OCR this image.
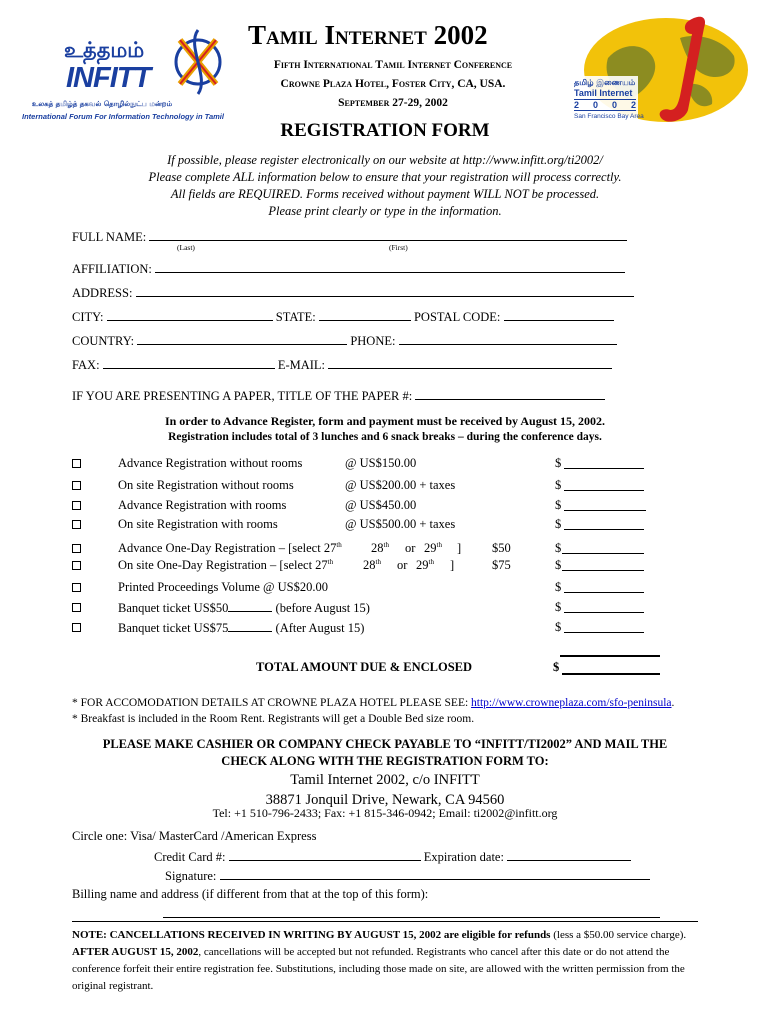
உத்தமம்
INFITT
உலகத் தமிழ்த் தகவல் தொழில்நுட்ப மன்றம்
International Forum For Information Technology in Tamil
Tamil Internet 2002
Fifth International Tamil Internet Conference
Crowne Plaza Hotel, Foster City, CA, USA.
September 27-29, 2002
தமிழ் இணையம்
Tamil Internet
2 0 0 2
San Francisco Bay Area
REGISTRATION FORM
If possible, please register electronically on our website at http://www.infitt.org/ti2002/
Please complete ALL information below to ensure that your registration will process correctly.
All fields are REQUIRED. Forms received without payment WILL NOT be processed.
Please print clearly or type in the information.
FULL NAME:
(Last)	(First)
AFFILIATION:
ADDRESS:
CITY:	STATE:	POSTAL CODE:
COUNTRY:	PHONE:
FAX:	E-MAIL:
IF YOU ARE PRESENTING A PAPER, TITLE OF THE PAPER #:
In order to Advance Register, form and payment must be received by August 15, 2002.
Registration includes total of 3 lunches and 6 snack breaks – during the conference days.
Advance Registration without rooms	@ US$150.00	$
On site Registration without rooms	@ US$200.00 + taxes	$
Advance Registration with rooms	@ US$450.00	$
On site Registration with rooms	@ US$500.00 + taxes	$
Advance One-Day Registration – [select 27th 28th or 29th ] $50	$
On site One-Day Registration – [select 27th 28th or 29th ]	$75	$
Printed Proceedings Volume @ US$20.00	$
Banquet ticket US$50	(before August 15)	$
Banquet ticket US$75	(After August 15)	$
TOTAL AMOUNT DUE & ENCLOSED	$
* FOR ACCOMODATION DETAILS AT CROWNE PLAZA HOTEL PLEASE SEE: http://www.crowneplaza.com/sfo-peninsula.
* Breakfast is included in the Room Rent. Registrants will get a Double Bed size room.
PLEASE MAKE CASHIER OR COMPANY CHECK PAYABLE TO “INFITT/TI2002” AND MAIL THE
CHECK ALONG WITH THE REGISTRATION FORM TO:
Tamil Internet 2002, c/o INFITT
38871 Jonquil Drive, Newark, CA 94560
Tel: +1 510-796-2433; Fax: +1 815-346-0942; Email: ti2002@infitt.org
Circle one: Visa/ MasterCard /American Express
Credit Card #:	Expiration date:
Signature:
Billing name and address (if different from that at the top of this form):
NOTE: CANCELLATIONS RECEIVED IN WRITING BY AUGUST 15, 2002 are eligible for refunds (less a $50.00 service charge). AFTER AUGUST 15, 2002, cancellations will be accepted but not refunded. Registrants who cancel after this date or do not attend the conference forfeit their entire registration fee. Substitutions, including those made on site, are allowed with the written permission from the original registrant.
